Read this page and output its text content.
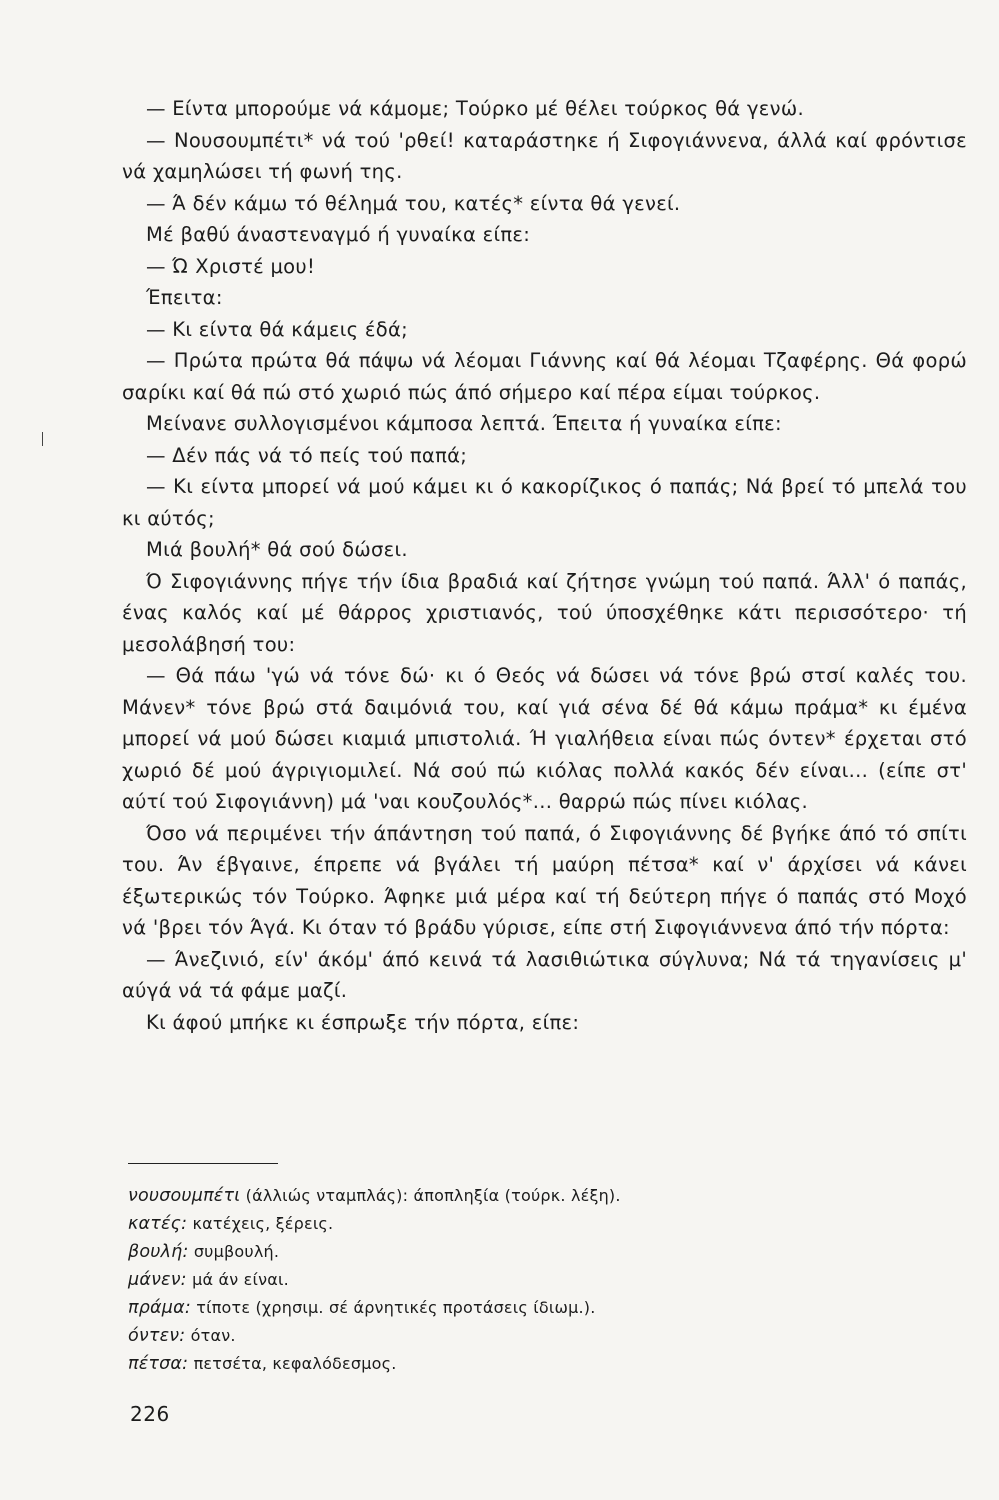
— Είντα μπορούμε νά κάμομε; Τούρκο μέ θέλει τούρκος θά γενώ.

— Νουσουμπέτι* νά τού 'ρθεί! καταράστηκε ή Σιφογιάννενα, άλλά καί φρόντισε νά χαμηλώσει τή φωνή της.

— Ά δέν κάμω τό θέλημά του, κατές* είντα θά γενεί.

Μέ βαθύ άναστεναγμό ή γυναίκα είπε:

— Ώ Χριστέ μου!

Έπειτα:

— Κι είντα θά κάμεις έδά;

— Πρώτα πρώτα θά πάψω νά λέομαι Γιάννης καί θά λέομαι Τζαφέρης. Θά φορώ σαρίκι καί θά πώ στό χωριό πώς άπό σήμερο καί πέρα είμαι τούρκος.

Μείνανε συλλογισμένοι κάμποσα λεπτά. Έπειτα ή γυναίκα είπε:

— Δέν πάς νά τό πείς τού παπά;

— Κι είντα μπορεί νά μού κάμει κι ό κακορίζικος ό παπάς; Νά βρεί τό μπελά του κι αύτός;

Μιά βουλή* θά σού δώσει.

Ό Σιφογιάννης πήγε τήν ίδια βραδιά καί ζήτησε γνώμη τού παπά. Άλλ' ό παπάς, ένας καλός καί μέ θάρρος χριστιανός, τού ύποσχέθηκε κάτι περισσότερο· τή μεσολάβησή του:

— Θά πάω 'γώ νά τόνε δώ· κι ό Θεός νά δώσει νά τόνε βρώ στσί καλές του. Μάνεν* τόνε βρώ στά δαιμόνιά του, καί γιά σένα δέ θά κάμω πράμα* κι έμένα μπορεί νά μού δώσει κιαμιά μπιστολιά. Ή γιαλήθεια είναι πώς όντεν* έρχεται στό χωριό δέ μού άγριγιομιλεί. Νά σού πώ κιόλας πολλά κακός δέν είναι... (είπε στ' αύτί τού Σιφογιάννη) μά 'ναι κουζουλός*... θαρρώ πώς πίνει κιόλας.

Όσο νά περιμένει τήν άπάντηση τού παπά, ό Σιφογιάννης δέ βγήκε άπό τό σπίτι του. Άν έβγαινε, έπρεπε νά βγάλει τή μαύρη πέτσα* καί ν' άρχίσει νά κάνει έξωτερικώς τόν Τούρκο. Άφηκε μιά μέρα καί τή δεύτερη πήγε ό παπάς στό Μοχό νά 'βρει τόν Άγά. Κι όταν τό βράδυ γύρισε, είπε στή Σιφογιάννενα άπό τήν πόρτα:

— Άνεζινιό, είν' άκόμ' άπό κεινά τά λασιθιώτικα σύγλυνα; Νά τά τηγανίσεις μ' αύγά νά τά φάμε μαζί.

Κι άφού μπήκε κι έσπρωξε τήν πόρτα, είπε:

νουσουμπέτι (άλλιώς νταμπλάς): άποπληξία (τούρκ. λέξη).
κατές: κατέχεις, ξέρεις.
βουλή: συμβουλή.
μάνεν: μά άν είναι.
πράμα: τίποτε (χρησιμ. σέ άρνητικές προτάσεις ίδιωμ.).
όντεν: όταν.
πέτσα: πετσέτα, κεφαλόδεσμος.
226
